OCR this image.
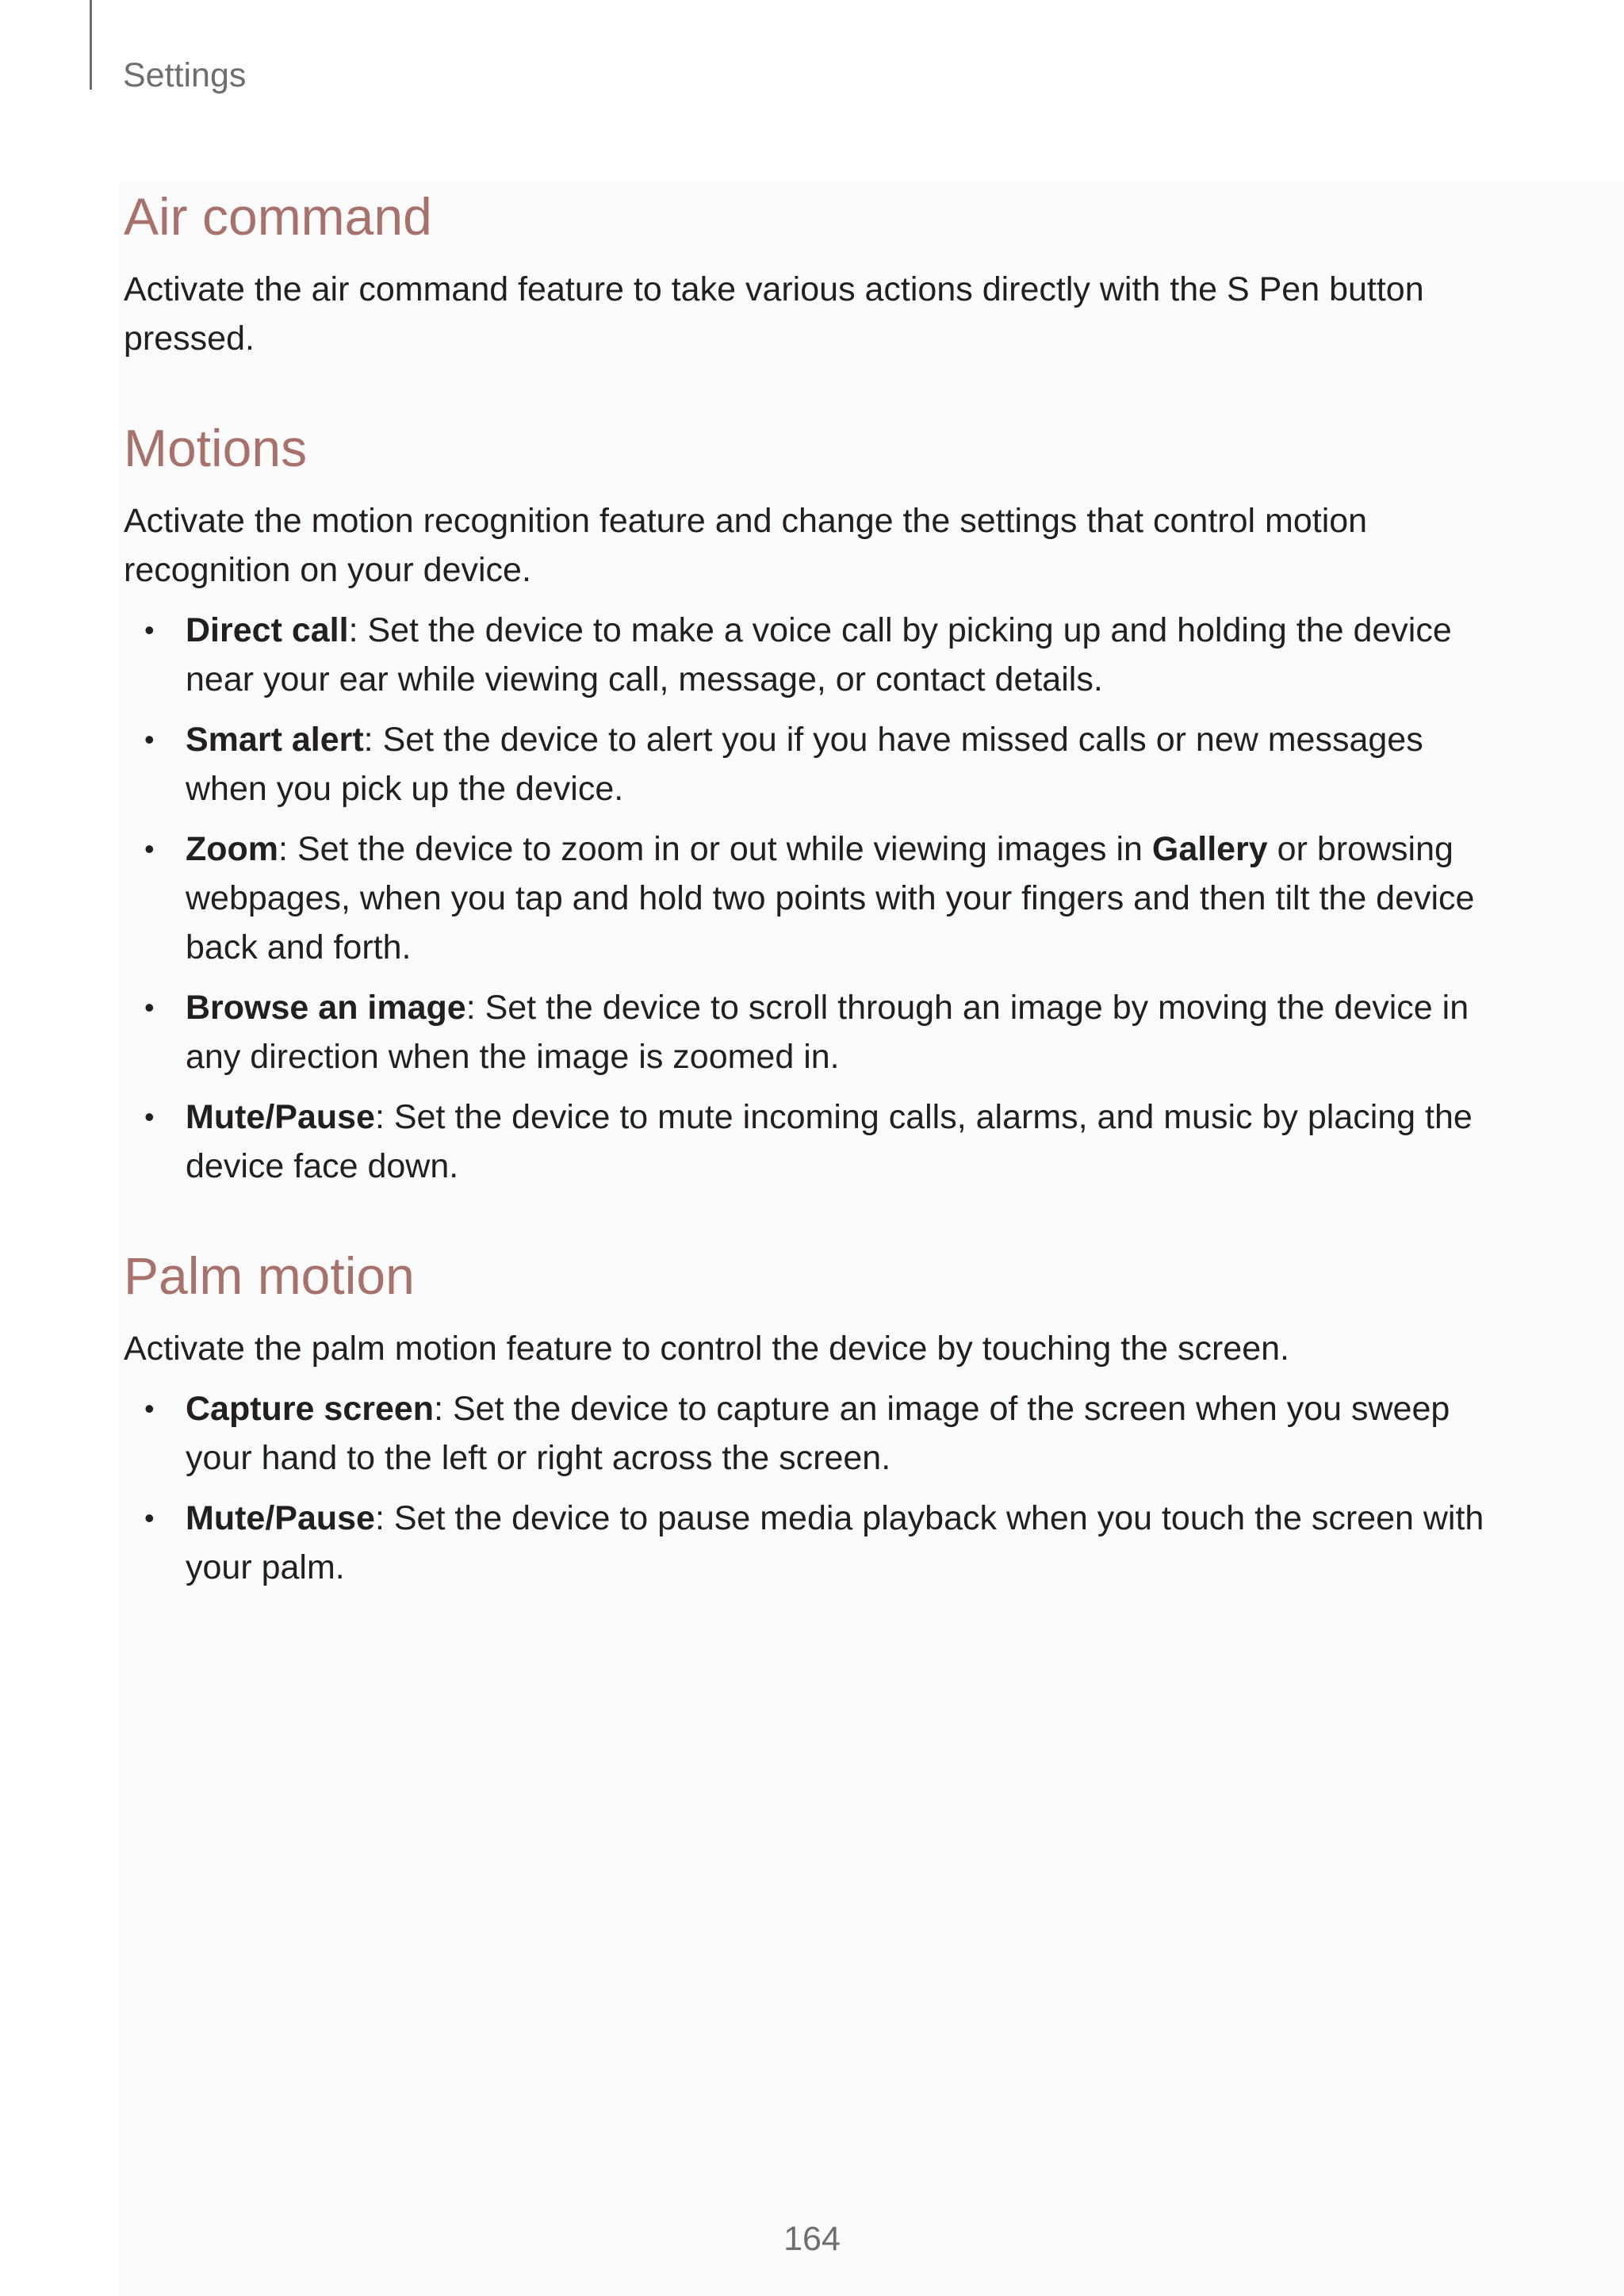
Settings
Air command

Activate the air command feature to take various actions directly with the S Pen button pressed.

Motions

Activate the motion recognition feature and change the settings that control motion recognition on your device.

• Direct call: Set the device to make a voice call by picking up and holding the device near your ear while viewing call, message, or contact details.
• Smart alert: Set the device to alert you if you have missed calls or new messages when you pick up the device.
• Zoom: Set the device to zoom in or out while viewing images in Gallery or browsing webpages, when you tap and hold two points with your fingers and then tilt the device back and forth.
• Browse an image: Set the device to scroll through an image by moving the device in any direction when the image is zoomed in.
• Mute/Pause: Set the device to mute incoming calls, alarms, and music by placing the device face down.
Palm motion

Activate the palm motion feature to control the device by touching the screen.

• Capture screen: Set the device to capture an image of the screen when you sweep your hand to the left or right across the screen.
• Mute/Pause: Set the device to pause media playback when you touch the screen with your palm.
164
